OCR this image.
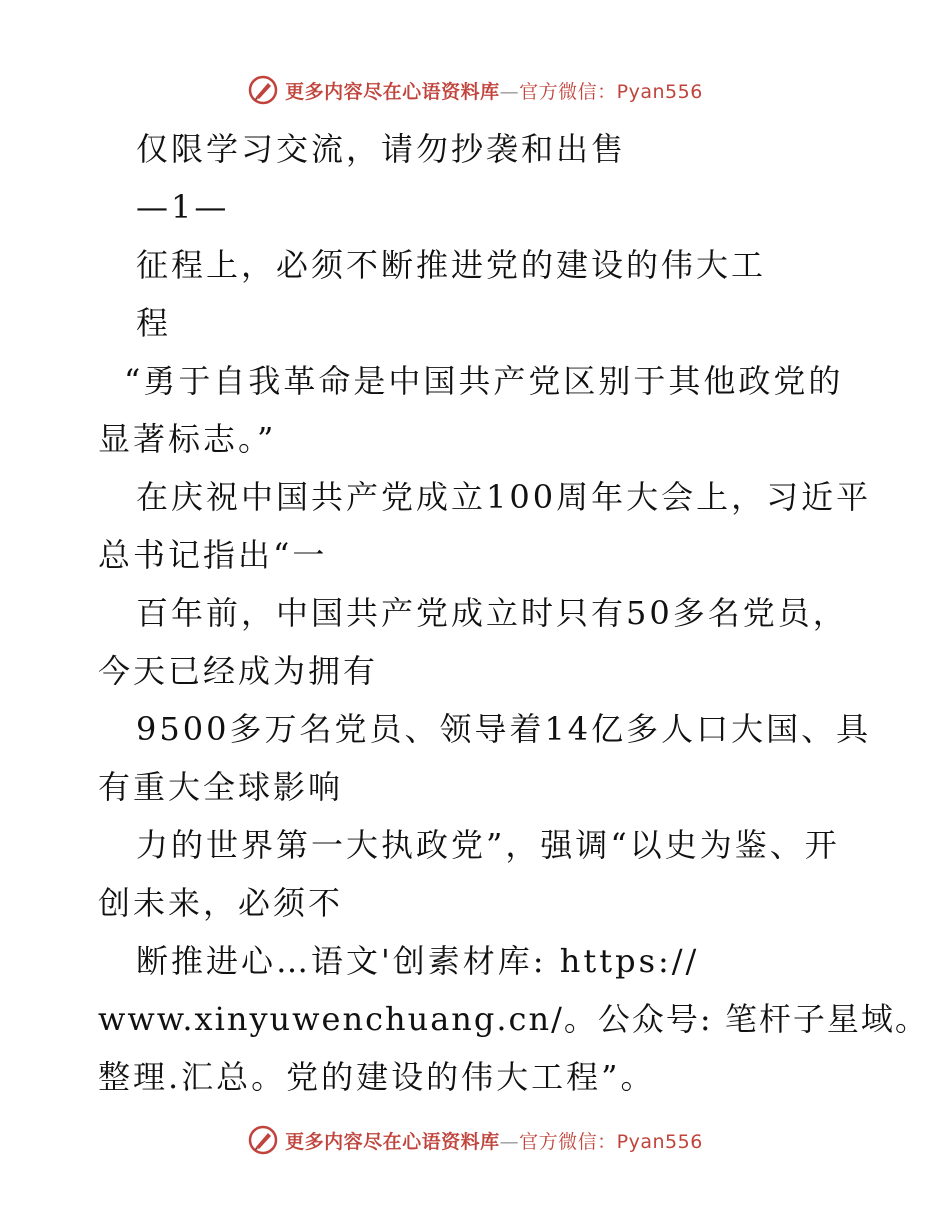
更多内容尽在心语资料库—官方微信：Pyan556
仅限学习交流，请勿抄袭和出售
—1—
征程上，必须不断推进党的建设的伟大工
程
“勇于自我革命是中国共产党区别于其他政党的
显著标志。”
在庆祝中国共产党成立100周年大会上，习近平
总书记指出“一
百年前，中国共产党成立时只有50多名党员，
今天已经成为拥有
9500多万名党员、领导着14亿多人口大国、具
有重大全球影响
力的世界第一大执政党”，强调“以史为鉴、开
创未来，必须不
断推进心…语文'创素材库: https://
www.xinyuwenchuang.cn/。公众号: 笔杆子星域。
整理.汇总。党的建设的伟大工程”。
更多内容尽在心语资料库—官方微信：Pyan556
